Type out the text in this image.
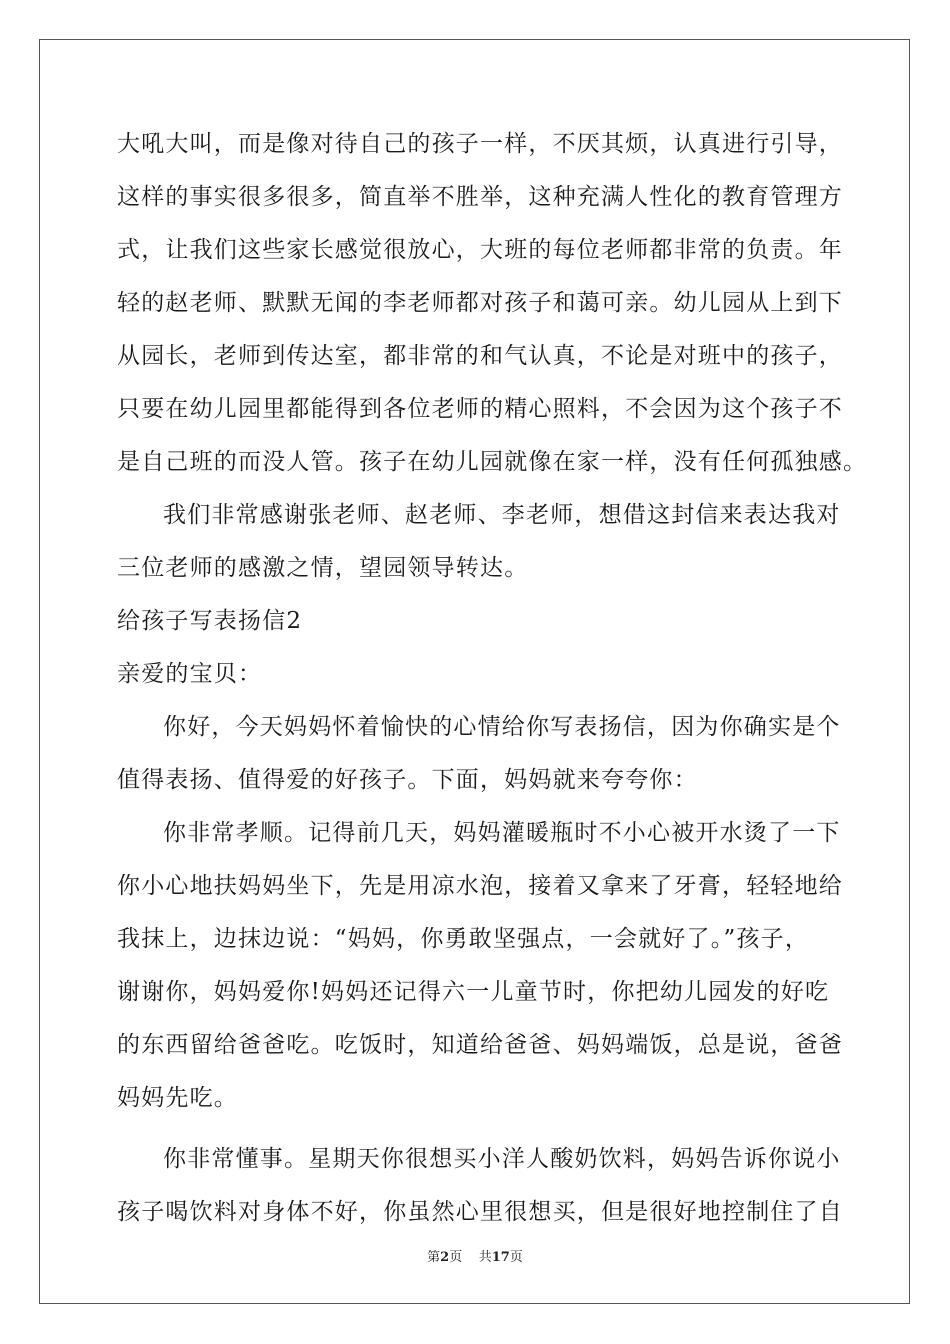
大吼大叫，而是像对待自己的孩子一样，不厌其烦，认真进行引导，
这样的事实很多很多，简直举不胜举，这种充满人性化的教育管理方
式，让我们这些家长感觉很放心，大班的每位老师都非常的负责。年
轻的赵老师、默默无闻的李老师都对孩子和蔼可亲。幼儿园从上到下
从园长，老师到传达室，都非常的和气认真，不论是对班中的孩子，
只要在幼儿园里都能得到各位老师的精心照料，不会因为这个孩子不
是自己班的而没人管。孩子在幼儿园就像在家一样，没有任何孤独感。
我们非常感谢张老师、赵老师、李老师，想借这封信来表达我对
三位老师的感激之情，望园领导转达。
给孩子写表扬信2
亲爱的宝贝：
你好，今天妈妈怀着愉快的心情给你写表扬信，因为你确实是个
值得表扬、值得爱的好孩子。下面，妈妈就来夸夸你：
你非常孝顺。记得前几天，妈妈灌暖瓶时不小心被开水烫了一下
你小心地扶妈妈坐下，先是用凉水泡，接着又拿来了牙膏，轻轻地给
我抹上，边抹边说：“妈妈，你勇敢坚强点，一会就好了。”孩子，
谢谢你，妈妈爱你!妈妈还记得六一儿童节时，你把幼儿园发的好吃
的东西留给爸爸吃。吃饭时，知道给爸爸、妈妈端饭，总是说，爸爸
妈妈先吃。
你非常懂事。星期天你很想买小洋人酸奶饮料，妈妈告诉你说小
孩子喝饮料对身体不好，你虽然心里很想买，但是很好地控制住了自
第2页 共17页
